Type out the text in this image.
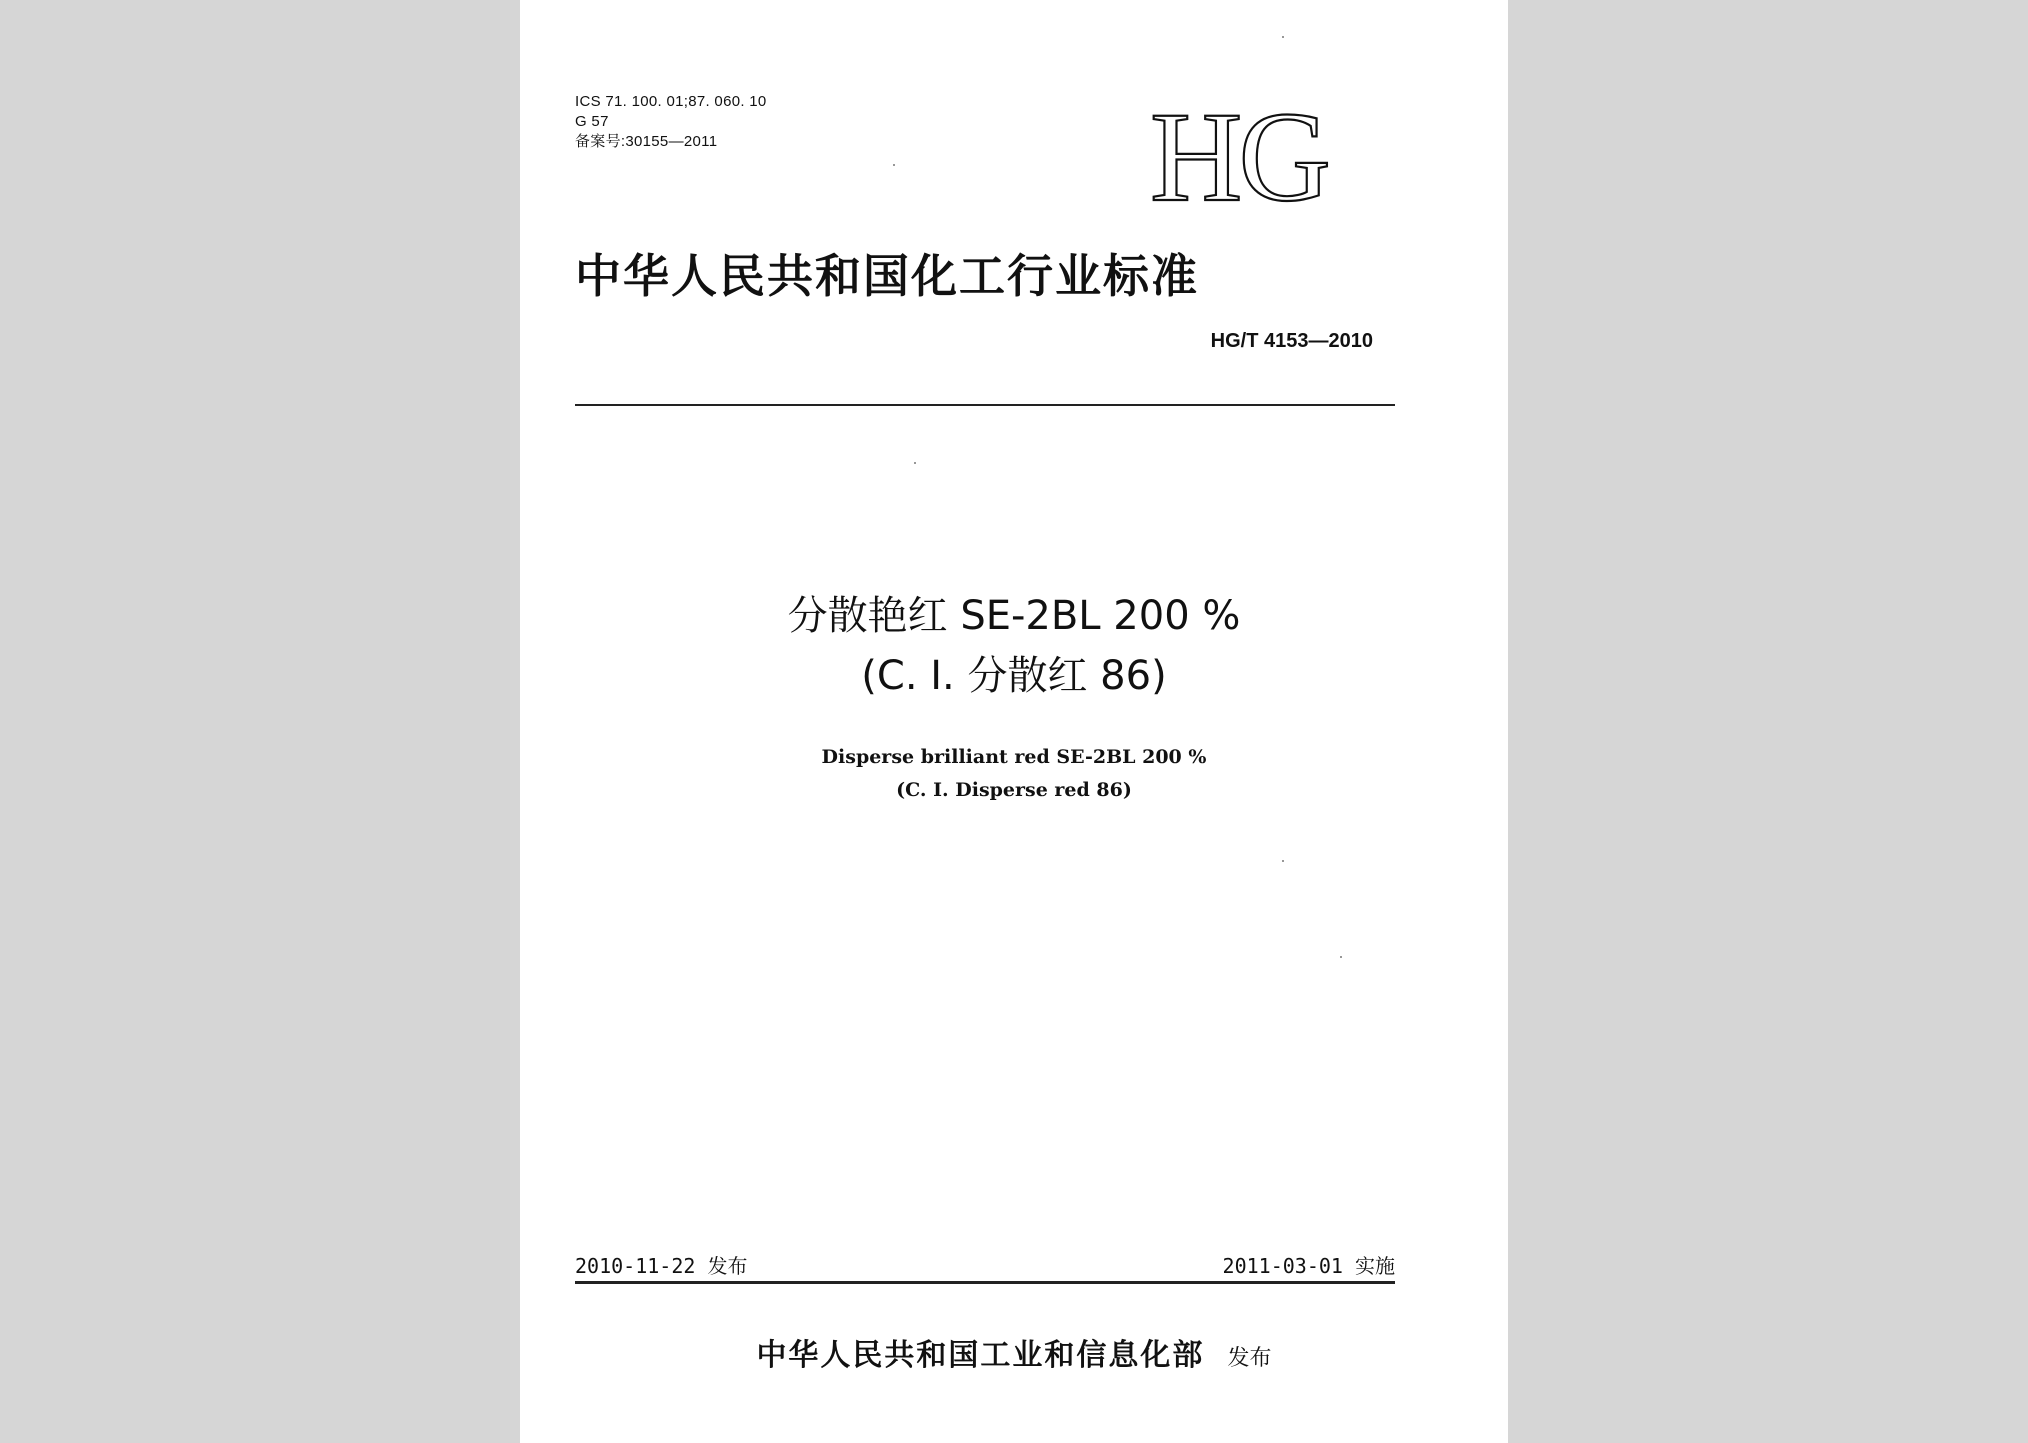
ICS 71. 100. 01;87. 060. 10
G 57
备案号:30155—2011	HG
中华人民共和国化工行业标准
HG/T 4153—2010
分散艳红 SE-2BL 200 %
(C. I. 分散红 86)
Disperse brilliant red SE-2BL 200 %
(C. I. Disperse red 86)
2010-11-22 发布	2011-03-01 实施
中华人民共和国工业和信息化部 发布
